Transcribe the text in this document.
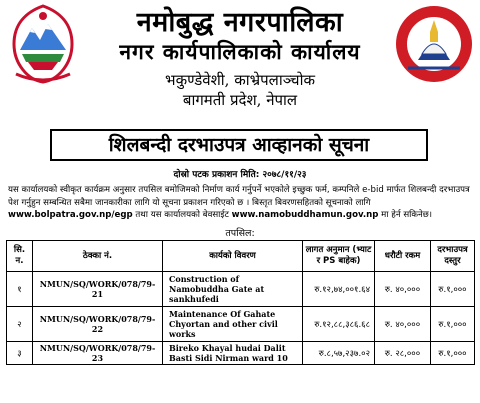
नमोबुद्ध नगरपालिका
नगर कार्यपालिकाको कार्यालय
भकुण्डेवेशी, काभ्रेपलाञ्चोक
बागमती प्रदेश, नेपाल
शिलबन्दी दरभाउपत्र आव्हानको सूचना
दोस्रो पटक प्रकाशन मिति: २०७८/११/२३
यस कार्यालयको स्वीकृत कार्यक्रम अनुसार तपसिल बमोजिमको निर्माण कार्य गर्नुपर्ने भएकोले इच्छुक फर्म, कम्पनिले e-bid मार्फत शिलबन्दी दरभाउपत्र पेश गर्नुहुन सम्बन्धित सबैमा जानकारीका लागि यो सूचना प्रकाशन गरिएको छ । बिस्तृत बिवरणसहितको सूचनाको लागि www.bolpatra.gov.np/egp तथा यस कार्यालयको बेवसाईट www.namobuddhamun.gov.np मा हेर्न सकिनेछ।
तपसिल:
सि. न.	ठेक्का नं.	कार्यको विवरण	लागत अनुमान (भ्याट र PS बाहेक)	धरौटी रकम	दरभाउपत्र दस्तुर
१	NMUN/SQ/WORK/078/79-21	Construction of Namobuddha Gate at sankhufedi	रु.१२,७४,००१.६४	रु. ४०,०००	रु.१,०००
२	NMUN/SQ/WORK/078/79-22	Maintenance Of Gahate Chyortan and other civil works	रु.१२,८८,३८६.६८	रु. ४०,०००	रु.१,०००
३	NMUN/SQ/WORK/078/79-23	Bireko Khayal hudai Dalit Basti Sidi Nirman ward 10	रु.८,५७,२३७.०२	रु. २८,०००	रु.१,०००
